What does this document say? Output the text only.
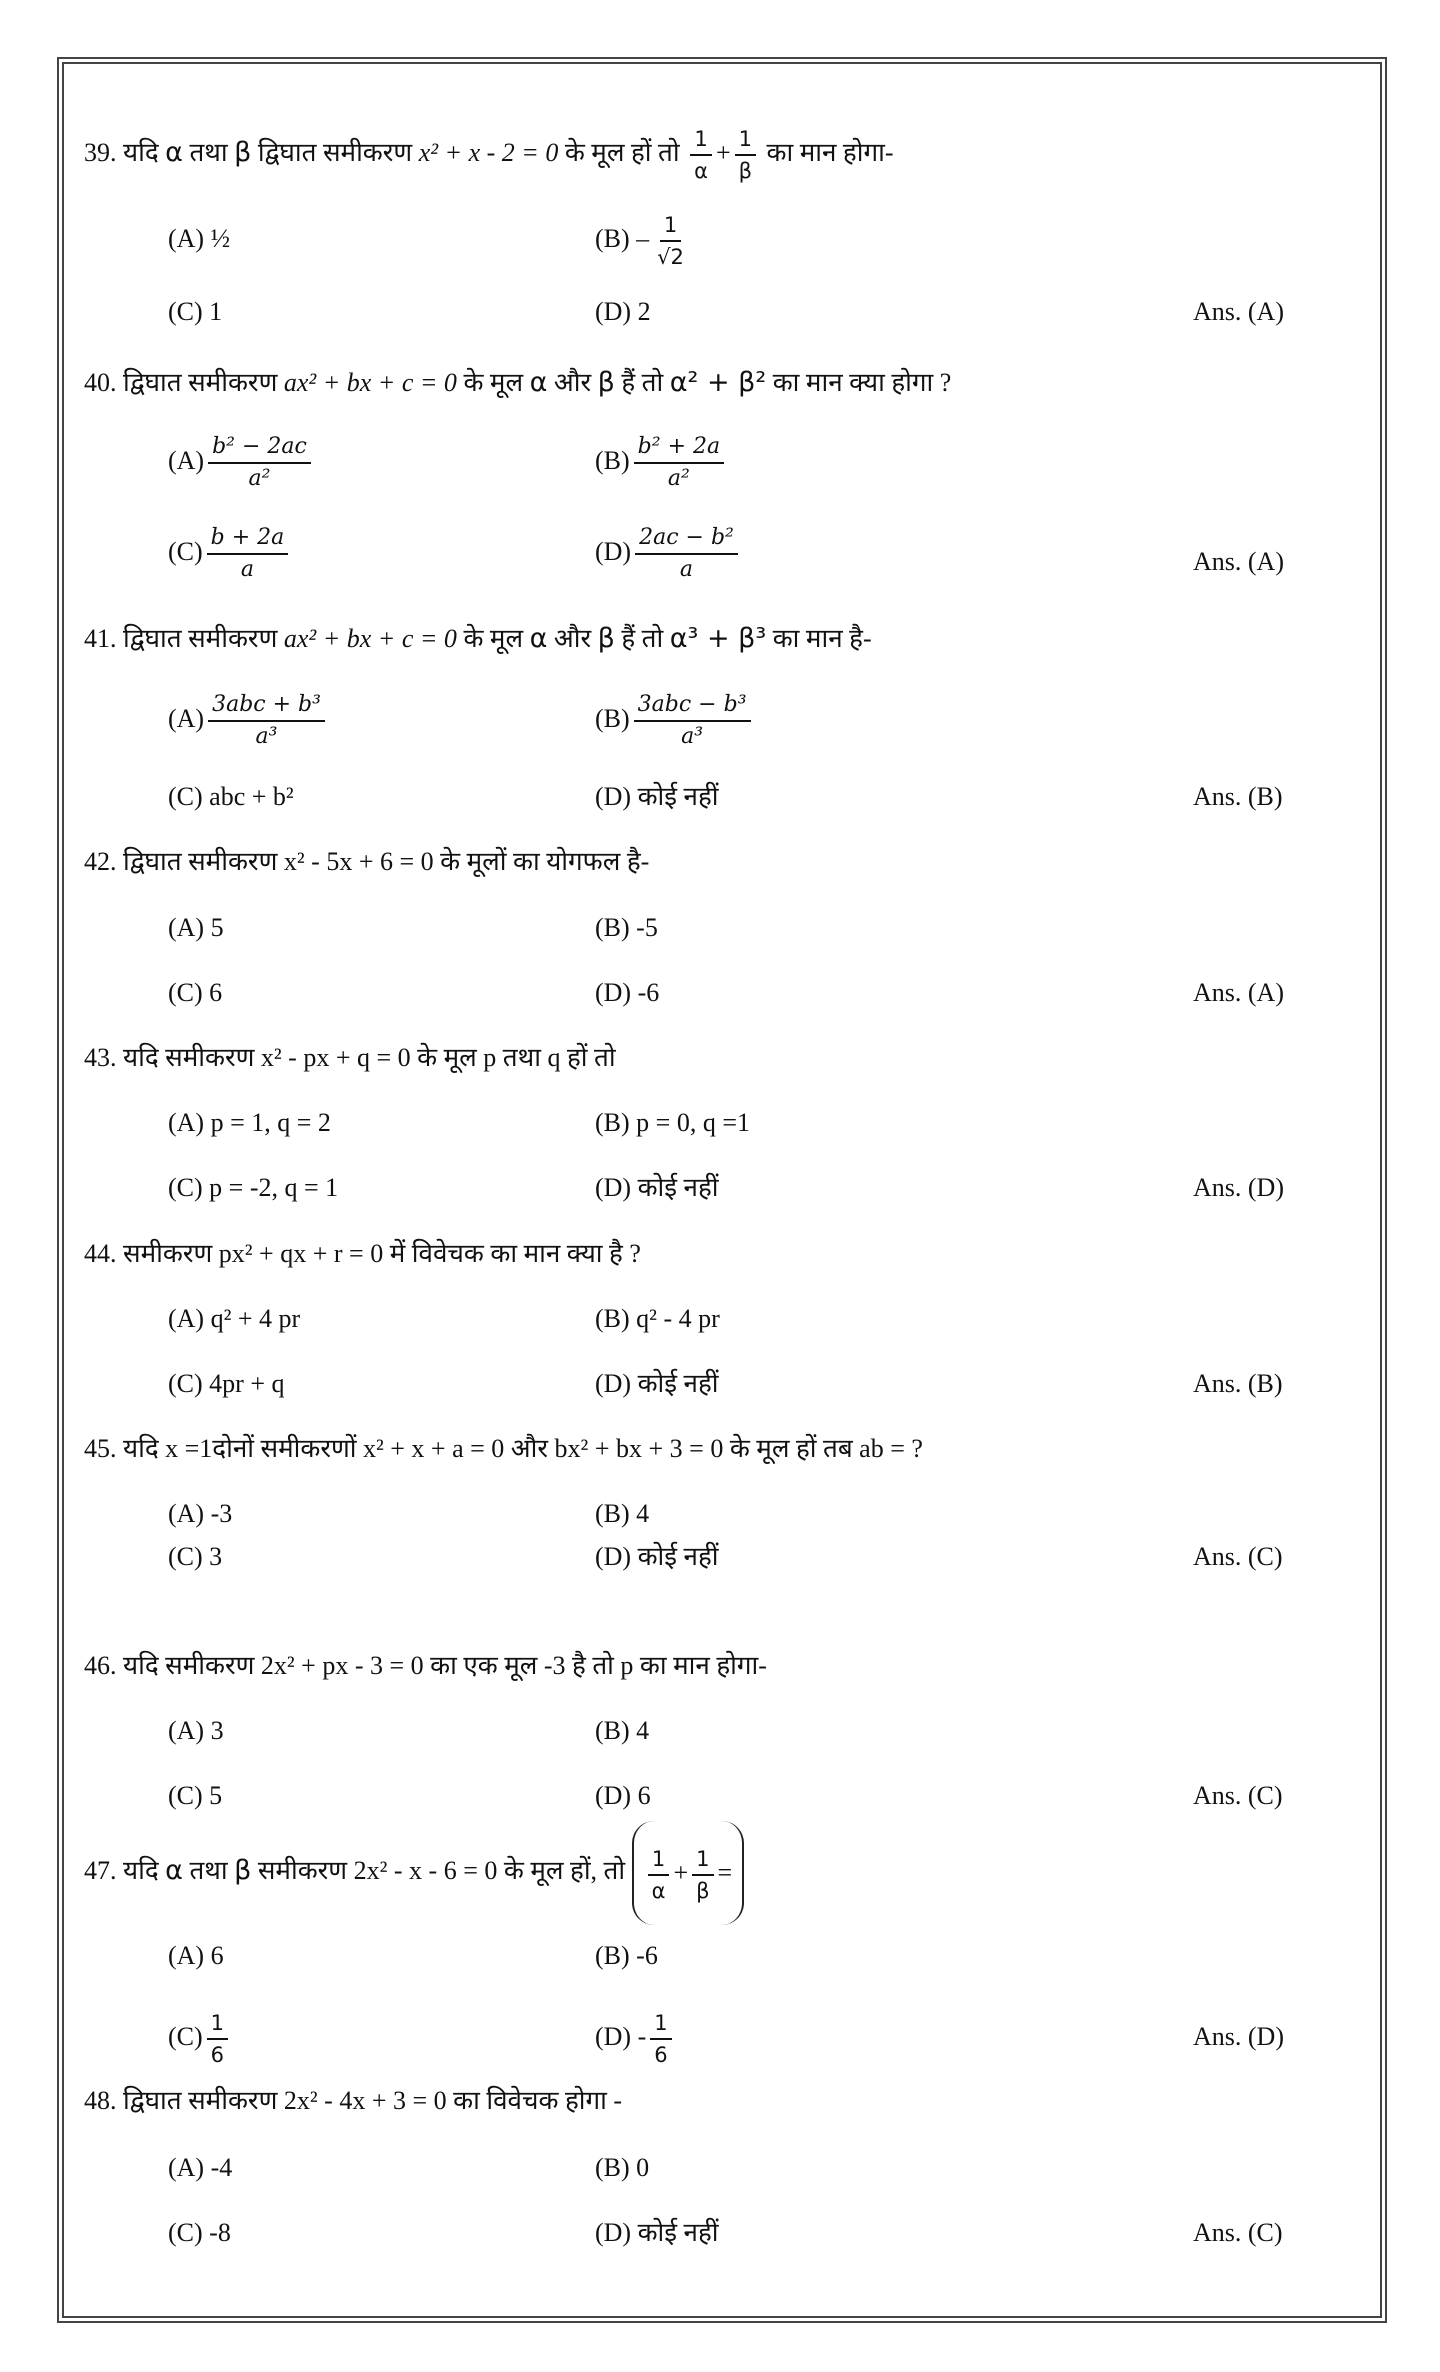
39. यदि α तथा β द्विघात समीकरण x² + x - 2 = 0 के मूल हों तो $\frac{1}{\alpha} + \frac{1}{\beta}$ का मान होगा-
(A) ½	$(B) - \frac{1}{√2}$
(C) 1	(D) 2	Ans. (A)
40. द्विघात समीकरण ax² + bx + c = 0 के मूल α और β हैं तो α² + β² का मान क्या होगा ?
$(A) \frac{\text{b² − 2ac}}{\text{a²}}$	$(B) \frac{\text{b² + 2a}}{\text{a²}}$
$(C) \frac{b + 2a}{a}$	$(D) \frac{\text{2ac − b²}}{a}$	Ans. (A)
41. द्विघात समीकरण ax² + bx + c = 0 के मूल α और β हैं तो α³ + β³ का मान है-
$(A) \frac{\text{3abc + b³}}{\text{a³}}$	$(B) \frac{\text{3abc − b³}}{\text{a³}}$
(C) abc + b²	(D) कोई नहीं	Ans. (B)
42. द्विघात समीकरण x² - 5x + 6 = 0 के मूलों का योगफल है-
(A) 5	(B) -5
(C) 6	(D) -6	Ans. (A)
43. यदि समीकरण x² - px + q = 0 के मूल p तथा q हों तो
(A) p = 1, q = 2	(B) p = 0, q =1
(C) p = -2, q = 1	(D) कोई नहीं	Ans. (D)
44. समीकरण px² + qx + r = 0 में विवेचक का मान क्या है ?
(A) q² + 4 pr	(B) q² - 4 pr
(C) 4pr + q	(D) कोई नहीं	Ans. (B)
45. यदि x =1दोनों समीकरणों x² + x + a = 0 और bx² + bx + 3 = 0 के मूल हों तब ab = ?
(A) -3	(B) 4
(C) 3	(D) कोई नहीं	Ans. (C)
46. यदि समीकरण 2x² + px - 3 = 0 का एक मूल -3 है तो p का मान होगा-
(A) 3	(B) 4
(C) 5	(D) 6	Ans. (C)
47. यदि α तथा β समीकरण 2x² - x - 6 = 0 के मूल हों, तो $\frac{1}{\alpha} + \frac{1}{\beta}$ =
(A) 6	(B) -6
$(C) \frac{1}{6}$	$(D) - \frac{1}{6}$	Ans. (D)
48. द्विघात समीकरण 2x² - 4x + 3 = 0 का विवेचक होगा -
(A) -4	(B) 0
(C) -8	(D) कोई नहीं	Ans. (C)
